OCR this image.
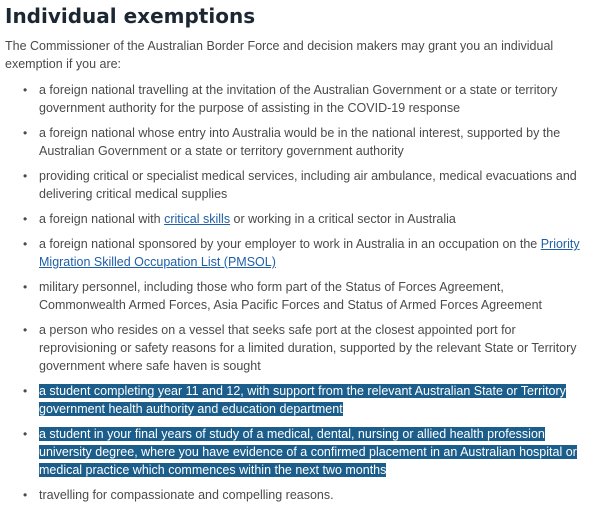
Individual exemptions

The Commissioner of the Australian Border Force and decision makers may grant you an individual exemption if you are:

• a foreign national travelling at the invitation of the Australian Government or a state or territory government authority for the purpose of assisting in the COVID-19 response
• a foreign national whose entry into Australia would be in the national interest, supported by the Australian Government or a state or territory government authority
• providing critical or specialist medical services, including air ambulance, medical evacuations and delivering critical medical supplies
• a foreign national with critical skills or working in a critical sector in Australia
• a foreign national sponsored by your employer to work in Australia in an occupation on the Priority Migration Skilled Occupation List (PMSOL)
• military personnel, including those who form part of the Status of Forces Agreement, Commonwealth Armed Forces, Asia Pacific Forces and Status of Armed Forces Agreement
• a person who resides on a vessel that seeks safe port at the closest appointed port for reprovisioning or safety reasons for a limited duration, supported by the relevant State or Territory government where safe haven is sought
• a student completing year 11 and 12, with support from the relevant Australian State or Territory government health authority and education department
• a student in your final years of study of a medical, dental, nursing or allied health profession university degree, where you have evidence of a confirmed placement in an Australian hospital or medical practice which commences within the next two months
• travelling for compassionate and compelling reasons.
